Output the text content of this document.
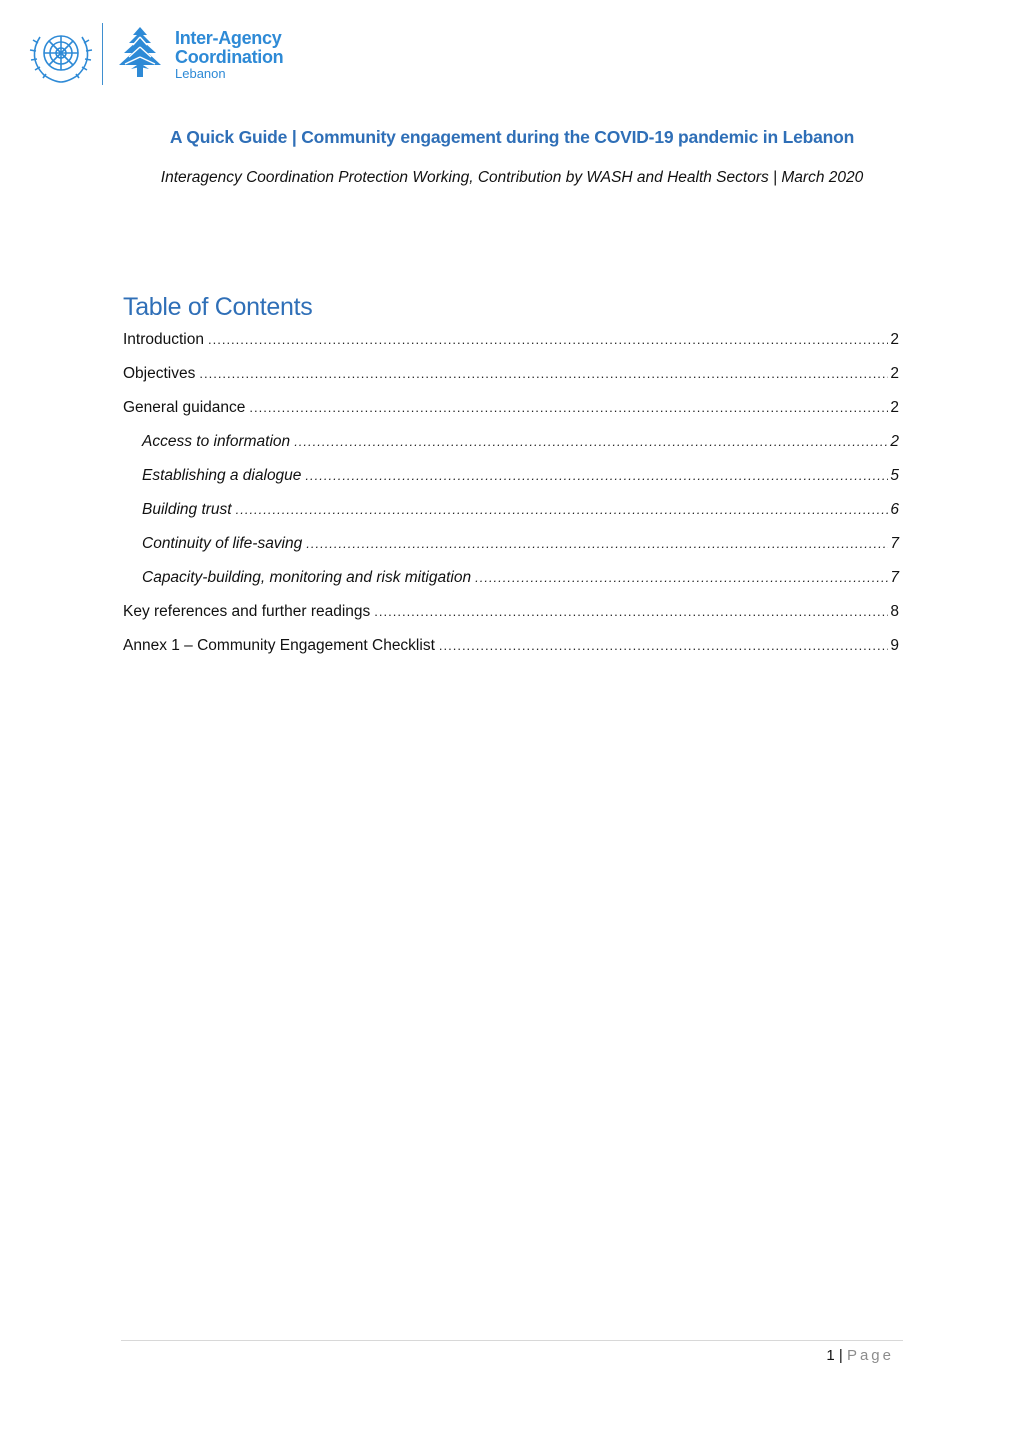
Inter-Agency
Coordination
Lebanon
A Quick Guide | Community engagement during the COVID-19 pandemic in Lebanon
Interagency Coordination Protection Working, Contribution by WASH and Health Sectors | March 2020
Table of Contents
Introduction .....	2
Objectives .....	2
General guidance .....	2
Access to information .....	2
Establishing a dialogue .....	5
Building trust .....	6
Continuity of life-saving .....	7
Capacity-building, monitoring and risk mitigation .....	7
Key references and further readings .....	8
Annex 1 – Community Engagement Checklist .....	9
1 | Page
